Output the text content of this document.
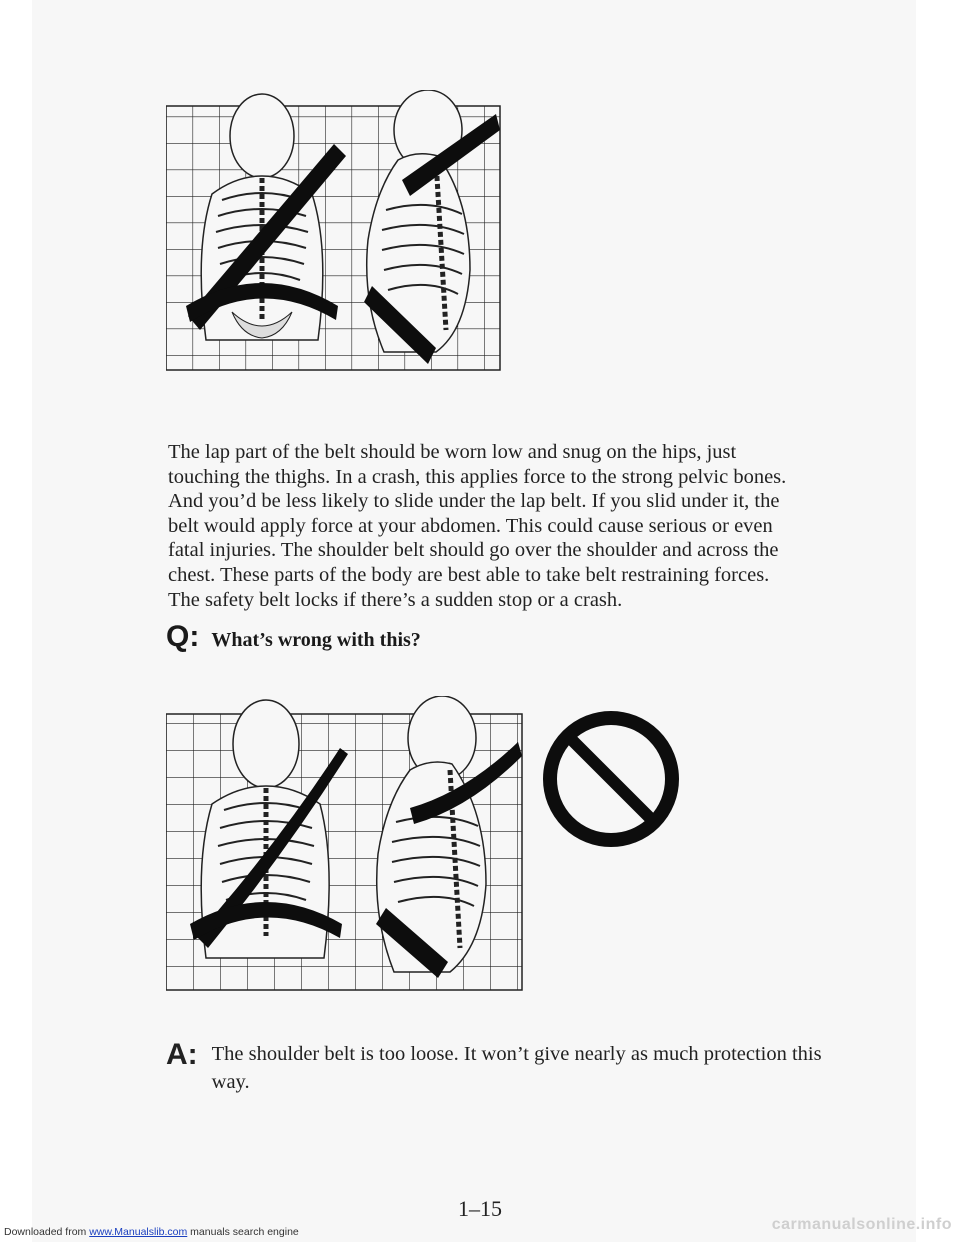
The lap part of the belt should be worn low and snug on the hips, just touching the thighs. In a crash, this applies force to the strong pelvic bones. And you’d be less likely to slide under the lap belt. If you slid under it, the belt would apply force at your abdomen. This could cause serious or even fatal injuries. The shoulder belt should go over the shoulder and across the chest. These parts of the body are best able to take belt restraining forces.

The safety belt locks if there’s a sudden stop or a crash.

Q: What’s wrong with this?
A: The shoulder belt is too loose. It won’t give nearly as much protection this way.
1–15
Downloaded from www.Manualslib.com manuals search engine	carmanualsonline.info
